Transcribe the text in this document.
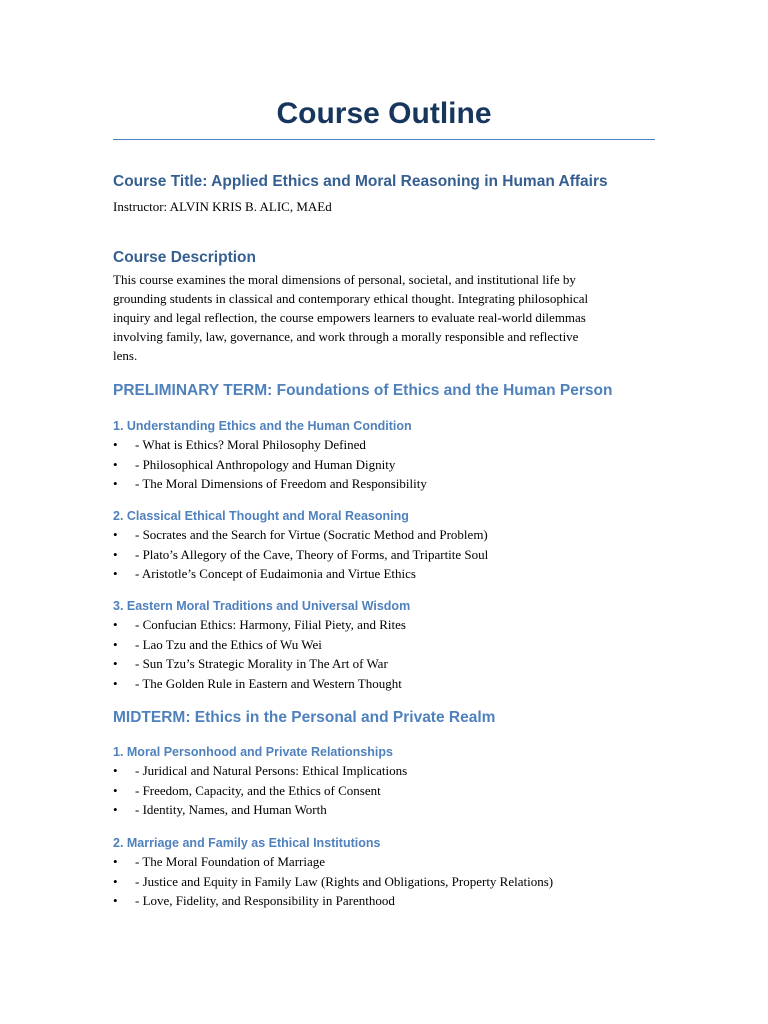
Course Outline
Course Title: Applied Ethics and Moral Reasoning in Human Affairs

Instructor: ALVIN KRIS B. ALIC, MAEd

Course Description

This course examines the moral dimensions of personal, societal, and institutional life by

grounding students in classical and contemporary ethical thought. Integrating philosophical

inquiry and legal reflection, the course empowers learners to evaluate real-world dilemmas

involving family, law, governance, and work through a morally responsible and reflective

lens.

PRELIMINARY TERM: Foundations of Ethics and the Human Person
1. Understanding Ethics and the Human Condition
• - What is Ethics? Moral Philosophy Defined
• - Philosophical Anthropology and Human Dignity
• - The Moral Dimensions of Freedom and Responsibility
2. Classical Ethical Thought and Moral Reasoning
• - Socrates and the Search for Virtue (Socratic Method and Problem)
• - Plato’s Allegory of the Cave, Theory of Forms, and Tripartite Soul
• - Aristotle’s Concept of Eudaimonia and Virtue Ethics
3. Eastern Moral Traditions and Universal Wisdom
• - Confucian Ethics: Harmony, Filial Piety, and Rites
• - Lao Tzu and the Ethics of Wu Wei
• - Sun Tzu’s Strategic Morality in The Art of War
• - The Golden Rule in Eastern and Western Thought
MIDTERM: Ethics in the Personal and Private Realm
1. Moral Personhood and Private Relationships
• - Juridical and Natural Persons: Ethical Implications
• - Freedom, Capacity, and the Ethics of Consent
• - Identity, Names, and Human Worth
2. Marriage and Family as Ethical Institutions
• - The Moral Foundation of Marriage
• - Justice and Equity in Family Law (Rights and Obligations, Property Relations)
• - Love, Fidelity, and Responsibility in Parenthood
